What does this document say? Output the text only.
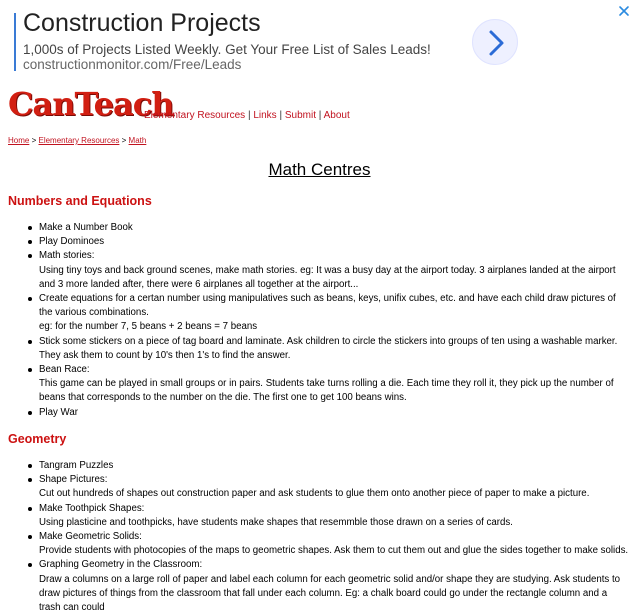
Construction Projects
1,000s of Projects Listed Weekly. Get Your Free List of Sales Leads!
constructionmonitor.com/Free/Leads
CanTeach
Elementary Resources | Links | Submit | About
Home > Elementary Resources > Math
Math Centres
Numbers and Equations
Make a Number Book
Play Dominoes
Math stories:
Using tiny toys and back ground scenes, make math stories. eg: It was a busy day at the airport today. 3 airplanes landed at the airport and 3 more landed after, there were 6 airplanes all together at the airport...
Create equations for a certan number using manipulatives such as beans, keys, unifix cubes, etc. and have each child draw pictures of the various combinations.
eg: for the number 7, 5 beans + 2 beans = 7 beans
Stick some stickers on a piece of tag board and laminate. Ask children to circle the stickers into groups of ten using a washable marker. They ask them to count by 10's then 1's to find the answer.
Bean Race:
This game can be played in small groups or in pairs. Students take turns rolling a die. Each time they roll it, they pick up the number of beans that corresponds to the number on the die. The first one to get 100 beans wins.
Play War
Geometry
Tangram Puzzles
Shape Pictures:
Cut out hundreds of shapes out construction paper and ask students to glue them onto another piece of paper to make a picture.
Make Toothpick Shapes:
Using plasticine and toothpicks, have students make shapes that resemmble those drawn on a series of cards.
Make Geometric Solids:
Provide students with photocopies of the maps to geometric shapes. Ask them to cut them out and glue the sides together to make solids.
Graphing Geometry in the Classroom:
Draw a columns on a large roll of paper and label each column for each geometric solid and/or shape they are studying. Ask students to draw pictures of things from the classroom that fall under each column. Eg: a chalk board could go under the rectangle column and a trash can could
